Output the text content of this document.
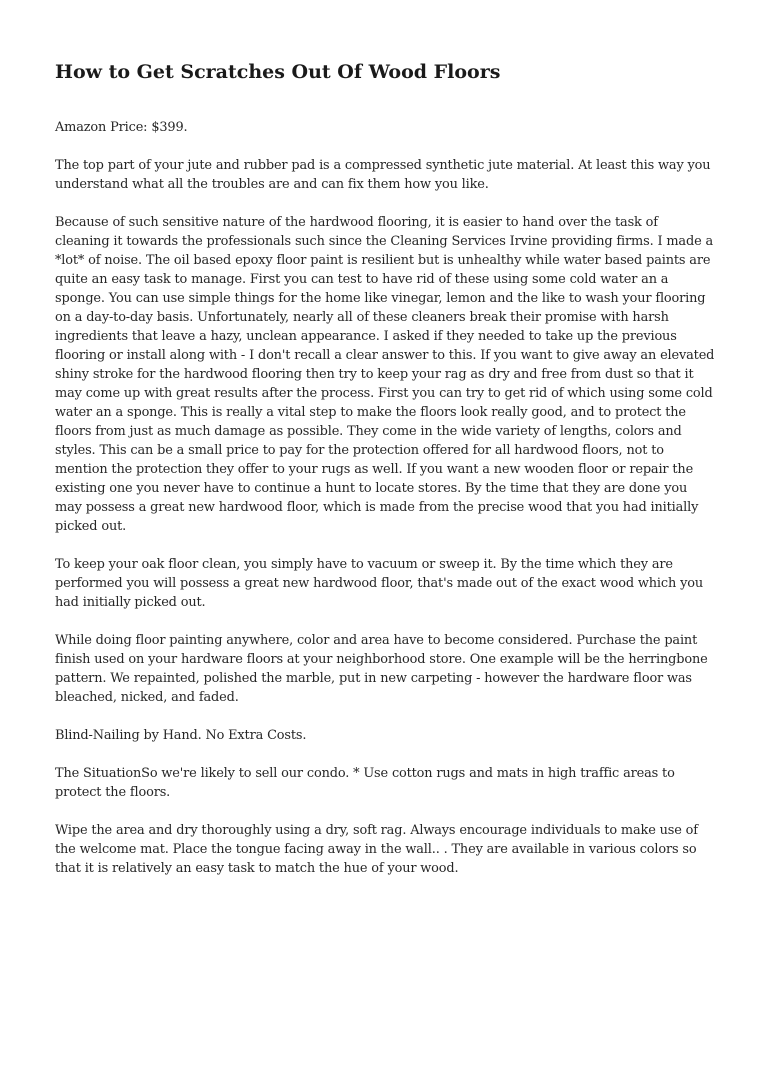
How to Get Scratches Out Of Wood Floors

Amazon Price: $399.

The top part of your jute and rubber pad is a compressed synthetic jute material. At least this way you understand what all the troubles are and can fix them how you like.

Because of such sensitive nature of the hardwood flooring, it is easier to hand over the task of cleaning it towards the professionals such since the Cleaning Services Irvine providing firms. I made a *lot* of noise. The oil based epoxy floor paint is resilient but is unhealthy while water based paints are quite an easy task to manage. First you can test to have rid of these using some cold water an a sponge. You can use simple things for the home like vinegar, lemon and the like to wash your flooring on a day-to-day basis. Unfortunately, nearly all of these cleaners break their promise with harsh ingredients that leave a hazy, unclean appearance. I asked if they needed to take up the previous flooring or install along with - I don't recall a clear answer to this. If you want to give away an elevated shiny stroke for the hardwood flooring then try to keep your rag as dry and free from dust so that it may come up with great results after the process. First you can try to get rid of which using some cold water an a sponge. This is really a vital step to make the floors look really good, and to protect the floors from just as much damage as possible. They come in the wide variety of lengths, colors and styles. This can be a small price to pay for the protection offered for all hardwood floors, not to mention the protection they offer to your rugs as well. If you want a new wooden floor or repair the existing one you never have to continue a hunt to locate stores. By the time that they are done you may possess a great new hardwood floor, which is made from the precise wood that you had initially picked out.

To keep your oak floor clean, you simply have to vacuum or sweep it. By the time which they are performed you will possess a great new hardwood floor, that's made out of the exact wood which you had initially picked out.

While doing floor painting anywhere, color and area have to become considered. Purchase the paint finish used on your hardware floors at your neighborhood store. One example will be the herringbone pattern. We repainted, polished the marble, put in new carpeting - however the hardware floor was bleached, nicked, and faded.

Blind-Nailing by Hand. No Extra Costs.

The SituationSo we're likely to sell our condo. * Use cotton rugs and mats in high traffic areas to protect the floors.

Wipe the area and dry thoroughly using a dry, soft rag. Always encourage individuals to make use of the welcome mat. Place the tongue facing away in the wall.. . They are available in various colors so that it is relatively an easy task to match the hue of your wood.
